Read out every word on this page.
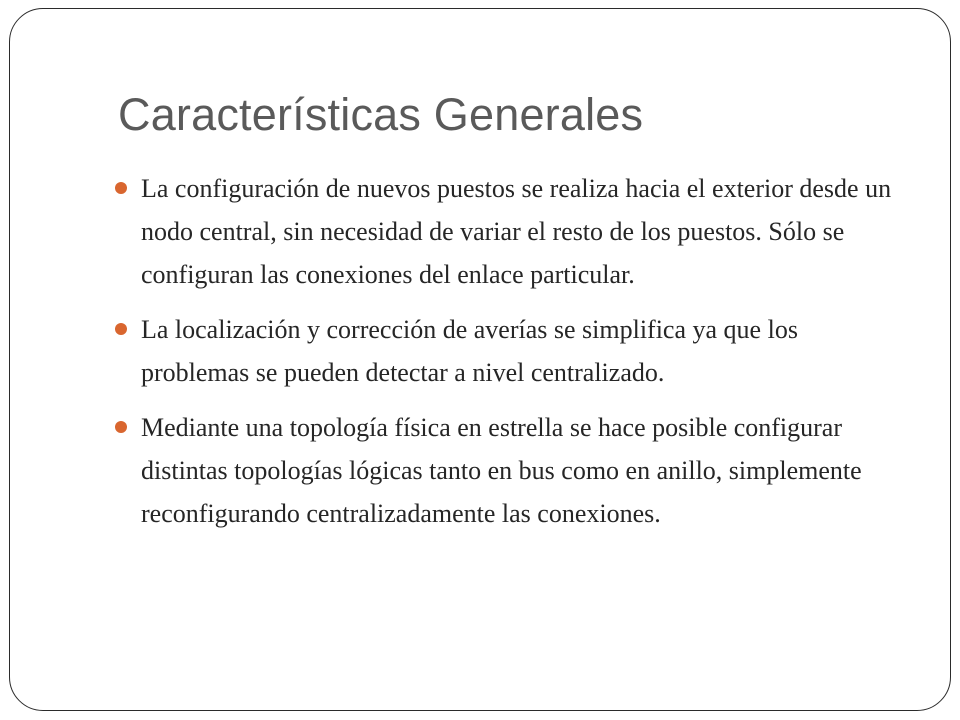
Características Generales
La configuración de nuevos puestos se realiza hacia el exterior desde un nodo central, sin necesidad de variar el resto de los puestos. Sólo se configuran las conexiones del enlace particular.
La localización y corrección de averías se simplifica ya que los problemas se pueden detectar a nivel centralizado.
Mediante una topología física en estrella se hace posible configurar distintas topologías lógicas tanto en bus como en anillo, simplemente reconfigurando centralizadamente las conexiones.
